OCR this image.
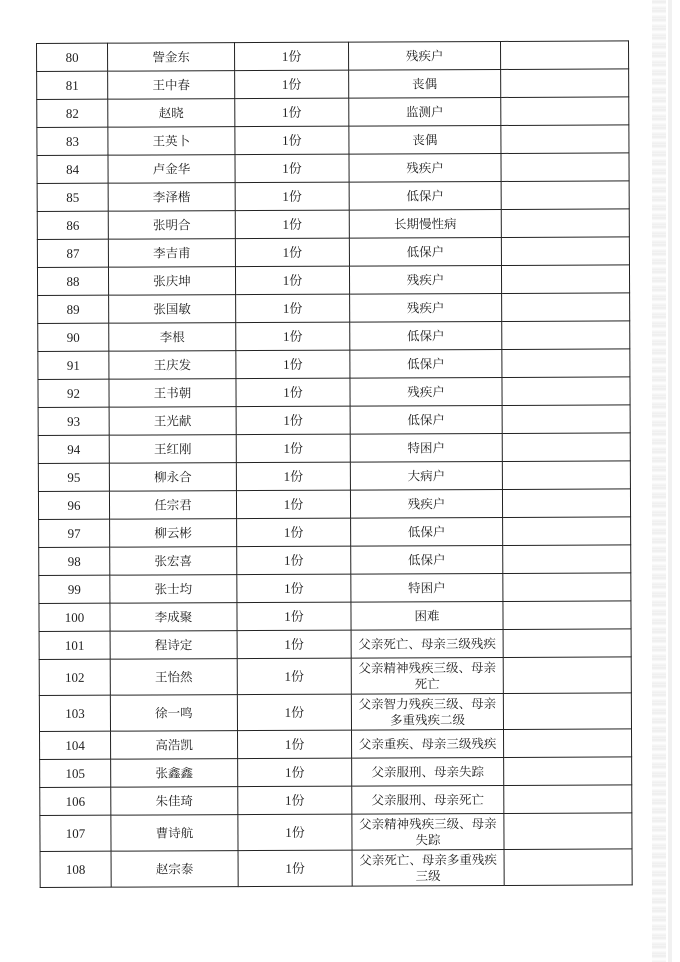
80	訾金东	1份	残疾户	
81	王中春	1份	丧偶	
82	赵晓	1份	监测户	
83	王英卜	1份	丧偶	
84	卢金华	1份	残疾户	
85	李泽楷	1份	低保户	
86	张明合	1份	长期慢性病	
87	李吉甫	1份	低保户	
88	张庆坤	1份	残疾户	
89	张国敏	1份	残疾户	
90	李根	1份	低保户	
91	王庆发	1份	低保户	
92	王书朝	1份	残疾户	
93	王光献	1份	低保户	
94	王红刚	1份	特困户	
95	柳永合	1份	大病户	
96	任宗君	1份	残疾户	
97	柳云彬	1份	低保户	
98	张宏喜	1份	低保户	
99	张士均	1份	特困户	
100	李成聚	1份	困难	
101	程诗定	1份	父亲死亡、母亲三级残疾	
102	王怡然	1份	父亲精神残疾三级、母亲死亡	
103	徐一鸣	1份	父亲智力残疾三级、母亲多重残疾二级	
104	高浩凯	1份	父亲重疾、母亲三级残疾	
105	张鑫鑫	1份	父亲服刑、母亲失踪	
106	朱佳琦	1份	父亲服刑、母亲死亡	
107	曹诗航	1份	父亲精神残疾三级、母亲失踪	
108	赵宗泰	1份	父亲死亡、母亲多重残疾三级	
